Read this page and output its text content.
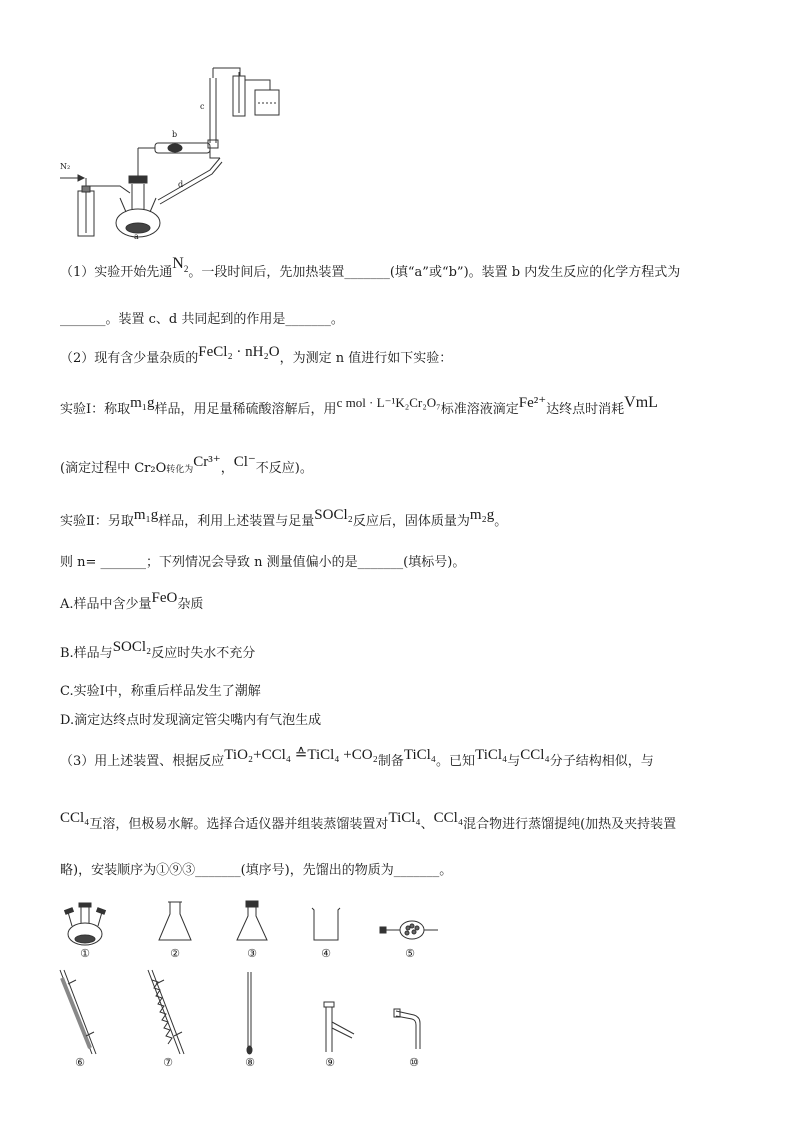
N₂
a
b
c
d
（1）实验开始先通$N_2$。一段时间后，先加热装置_______(填“a”或“b”)。装置 b 内发生反应的化学方程式为
_______。装置 c、d 共同起到的作用是_______。
（2）现有含少量杂质的FeCl₂ · nH₂O，为测定 n 值进行如下实验：
实验Ⅰ：称取m₁g样品，用足量稀硫酸溶解后，用c mol · L⁻¹K₂Cr₂O₇标准溶液滴定Fe²⁺达终点时消耗VmL
(滴定过程中 Cr₂O转化为Cr³⁺，Cl⁻不反应)。
实验Ⅱ：另取m₁g样品，利用上述装置与足量SOCl₂反应后，固体质量为m₂g。
则 n= _______；下列情况会导致 n 测量值偏小的是_______(填标号)。
A.样品中含少量FeO杂质
B.样品与SOCl₂反应时失水不充分
C.实验Ⅰ中，称重后样品发生了潮解
D.滴定达终点时发现滴定管尖嘴内有气泡生成
（3）用上述装置、根据反应TiO₂+CCl₄ ≙TiCl₄ +CO₂制备TiCl₄。已知TiCl₄与CCl₄分子结构相似，与
CCl₄互溶，但极易水解。选择合适仪器并组装蒸馏装置对TiCl₄、CCl₄混合物进行蒸馏提纯(加热及夹持装置
略)，安装顺序为①⑨③_______(填序号)，先馏出的物质为_______。
①	②	③	④	⑤
⑥	⑦	⑧	⑨	⑩
